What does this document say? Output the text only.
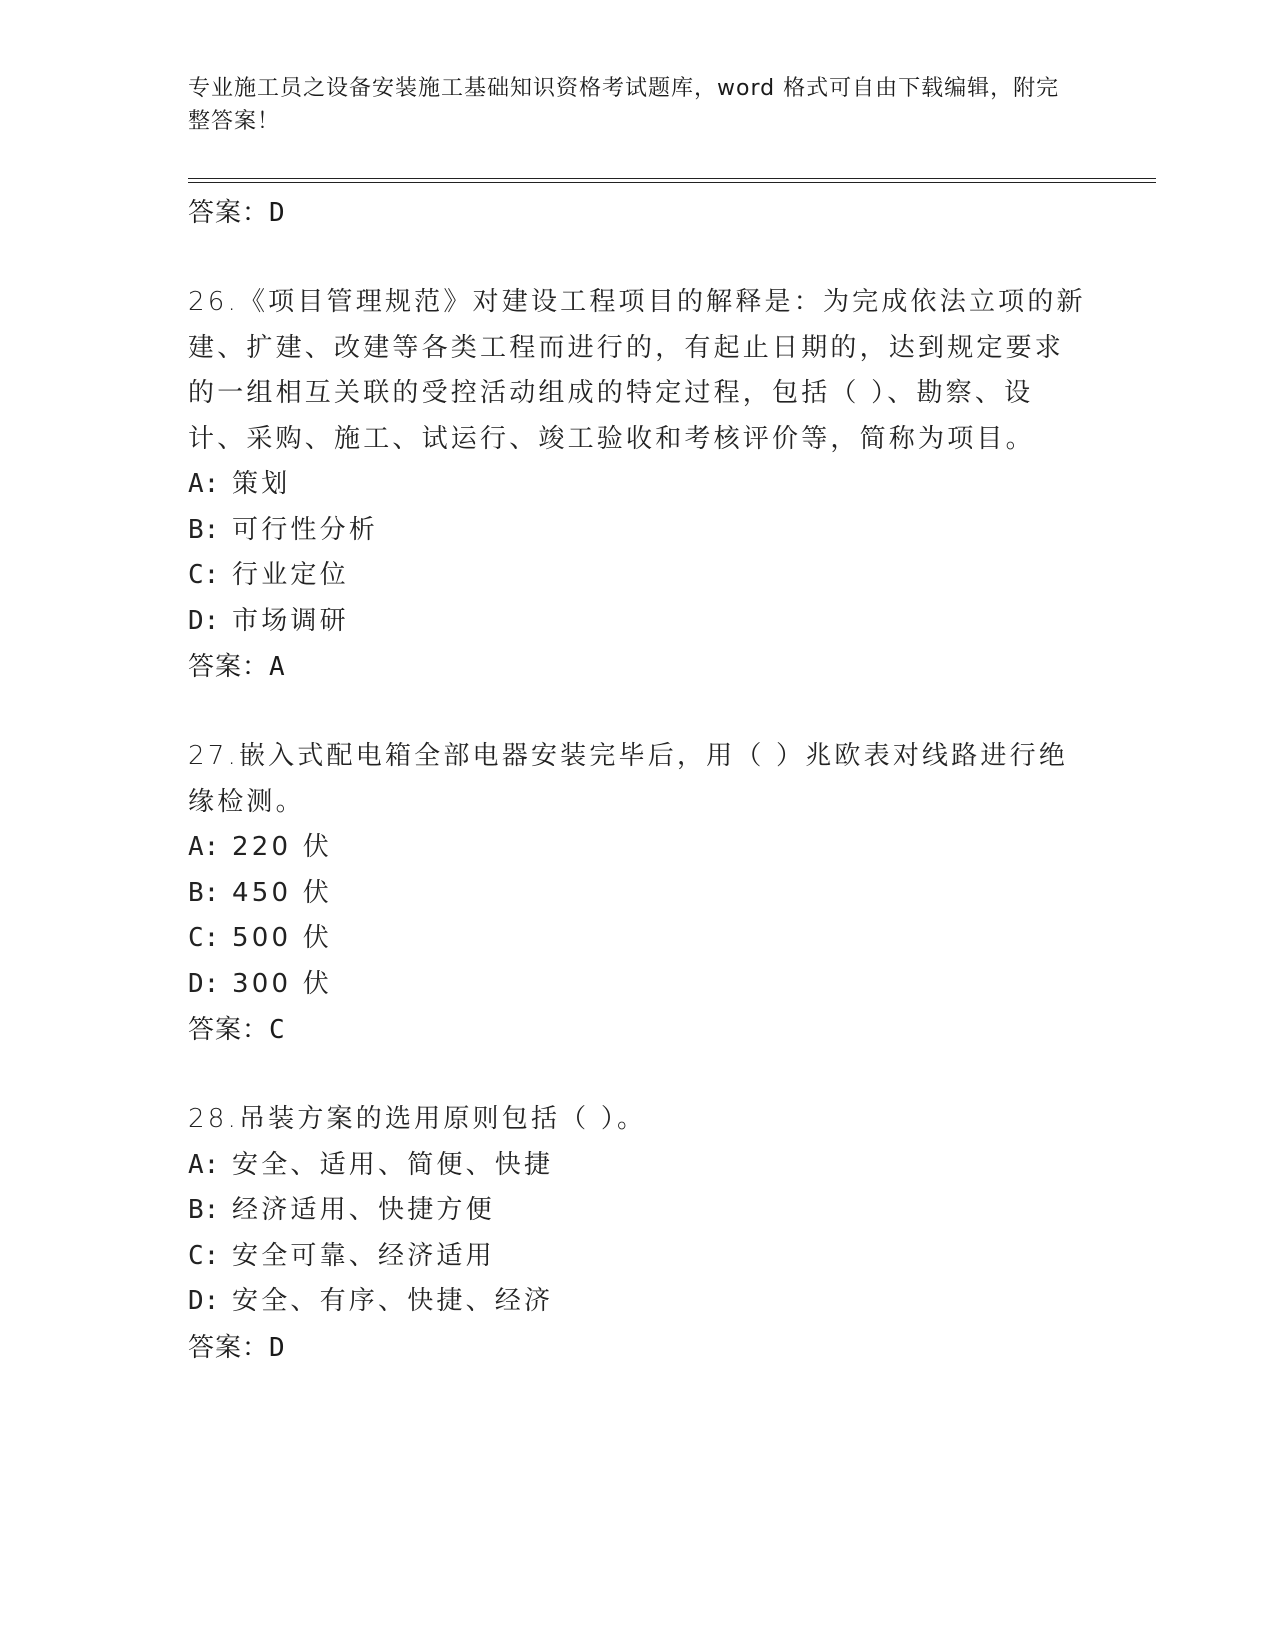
专业施工员之设备安装施工基础知识资格考试题库，word 格式可自由下载编辑，附完整答案！
答案：D
26.《项目管理规范》对建设工程项目的解释是：为完成依法立项的新建、扩建、改建等各类工程而进行的，有起止日期的，达到规定要求的一组相互关联的受控活动组成的特定过程，包括（ ）、勘察、设计、采购、施工、试运行、竣工验收和考核评价等，简称为项目。
A: 策划
B: 可行性分析
C: 行业定位
D: 市场调研
答案：A
27.嵌入式配电箱全部电器安装完毕后，用（ ）兆欧表对线路进行绝缘检测。
A: 220 伏
B: 450 伏
C: 500 伏
D: 300 伏
答案：C
28.吊装方案的选用原则包括（ ）。
A: 安全、适用、简便、快捷
B: 经济适用、快捷方便
C: 安全可靠、经济适用
D: 安全、有序、快捷、经济
答案：D
